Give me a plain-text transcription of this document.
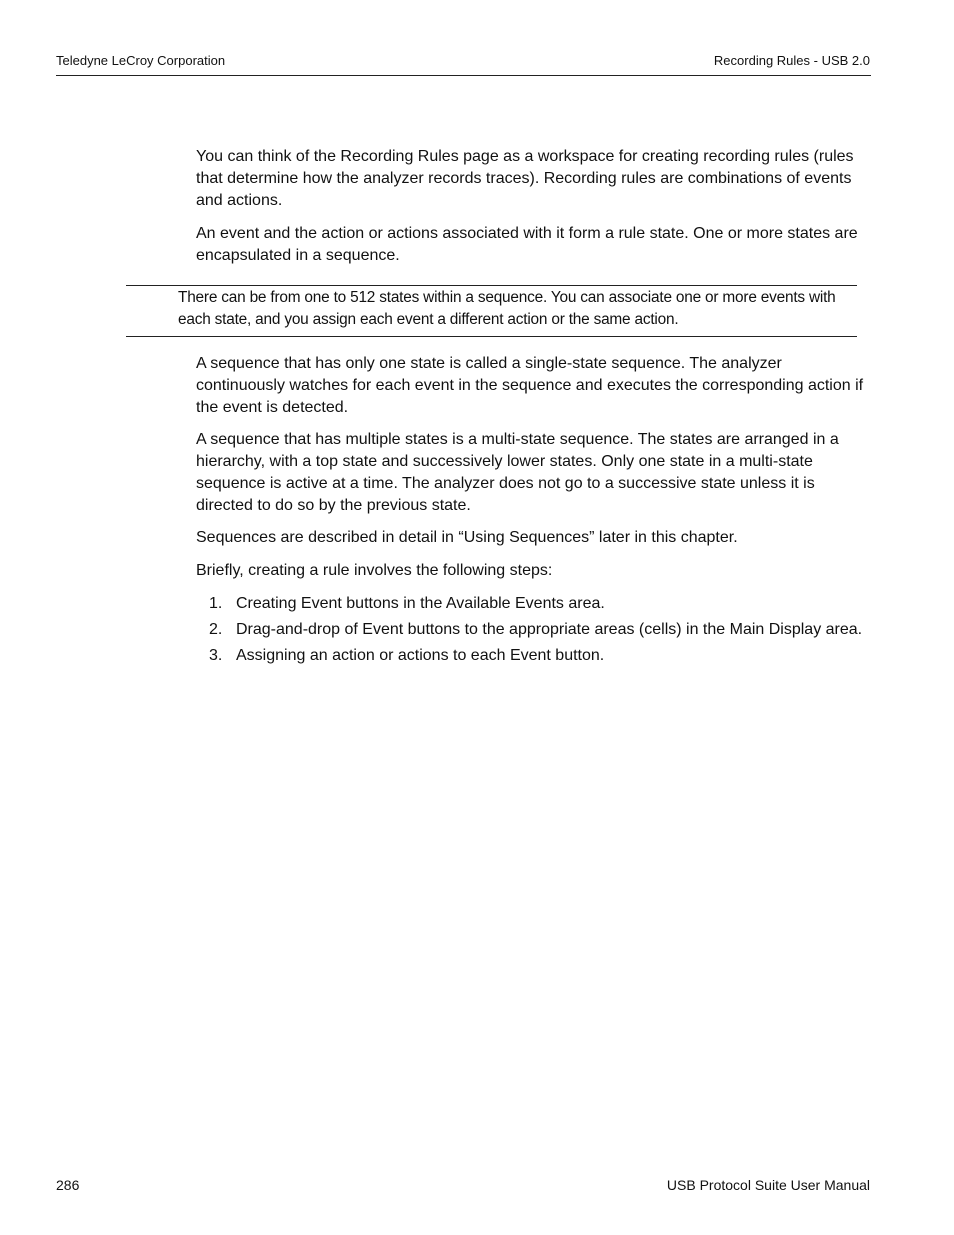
Teledyne LeCroy Corporation	Recording Rules - USB 2.0

You can think of the Recording Rules page as a workspace for creating recording rules (rules that determine how the analyzer records traces). Recording rules are combinations of events and actions.

An event and the action or actions associated with it form a rule state. One or more states are encapsulated in a sequence.

There can be from one to 512 states within a sequence. You can associate one or more events with each state, and you assign each event a different action or the same action.

A sequence that has only one state is called a single-state sequence. The analyzer continuously watches for each event in the sequence and executes the corresponding action if the event is detected.

A sequence that has multiple states is a multi-state sequence. The states are arranged in a hierarchy, with a top state and successively lower states. Only one state in a multi-state sequence is active at a time. The analyzer does not go to a successive state unless it is directed to do so by the previous state.

Sequences are described in detail in “Using Sequences” later in this chapter.

Briefly, creating a rule involves the following steps:

1. Creating Event buttons in the Available Events area.
2. Drag-and-drop of Event buttons to the appropriate areas (cells) in the Main Display area.
3. Assigning an action or actions to each Event button.
286	USB Protocol Suite User Manual
